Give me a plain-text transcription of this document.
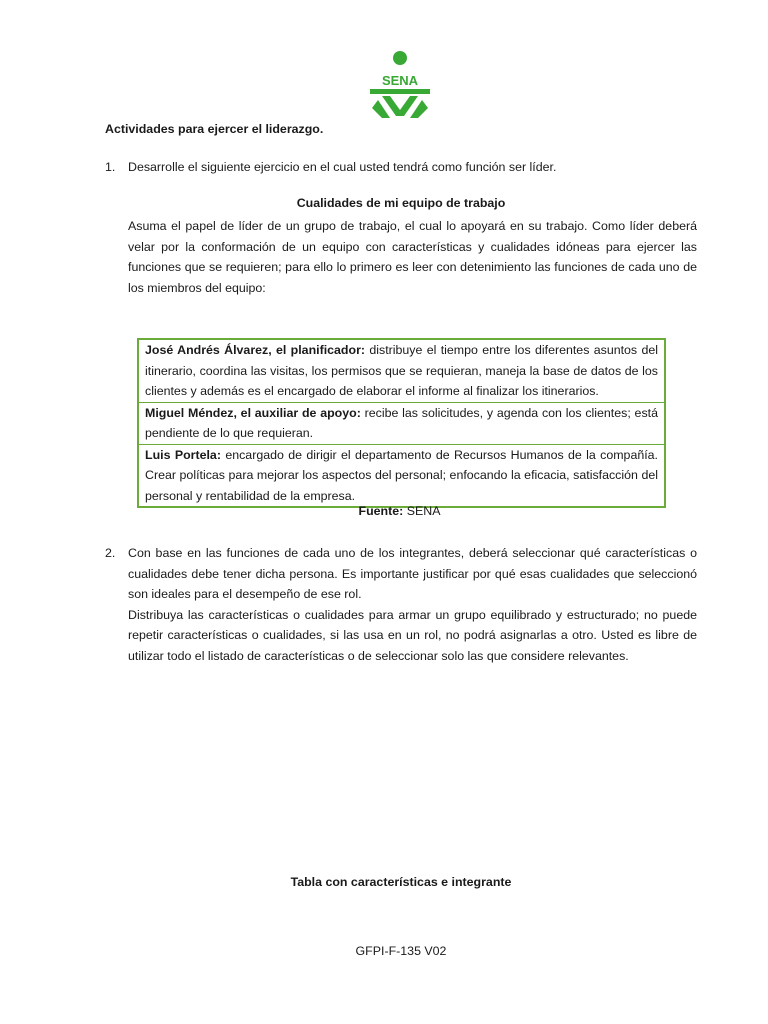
SENA
Actividades para ejercer el liderazgo.
1. Desarrolle el siguiente ejercicio en el cual usted tendrá como función ser líder.
Cualidades de mi equipo de trabajo
Asuma el papel de líder de un grupo de trabajo, el cual lo apoyará en su trabajo. Como líder deberá velar por la conformación de un equipo con características y cualidades idóneas para ejercer las funciones que se requieren; para ello lo primero es leer con detenimiento las funciones de cada uno de los miembros del equipo:
José Andrés Álvarez, el planificador: distribuye el tiempo entre los diferentes asuntos del itinerario, coordina las visitas, los permisos que se requieran, maneja la base de datos de los clientes y además es el encargado de elaborar el informe al finalizar los itinerarios.
Miguel Méndez, el auxiliar de apoyo: recibe las solicitudes, y agenda con los clientes; está pendiente de lo que requieran.
Luis Portela: encargado de dirigir el departamento de Recursos Humanos de la compañía. Crear políticas para mejorar los aspectos del personal; enfocando la eficacia, satisfacción del personal y rentabilidad de la empresa.
Fuente: SENA
2. Con base en las funciones de cada uno de los integrantes, deberá seleccionar qué características o cualidades debe tener dicha persona. Es importante justificar por qué esas cualidades que seleccionó son ideales para el desempeño de ese rol.

Distribuya las características o cualidades para armar un grupo equilibrado y estructurado; no puede repetir características o cualidades, si las usa en un rol, no podrá asignarlas a otro. Usted es libre de utilizar todo el listado de características o de seleccionar solo las que considere relevantes.

Tabla con características e integrante
GFPI-F-135 V02
